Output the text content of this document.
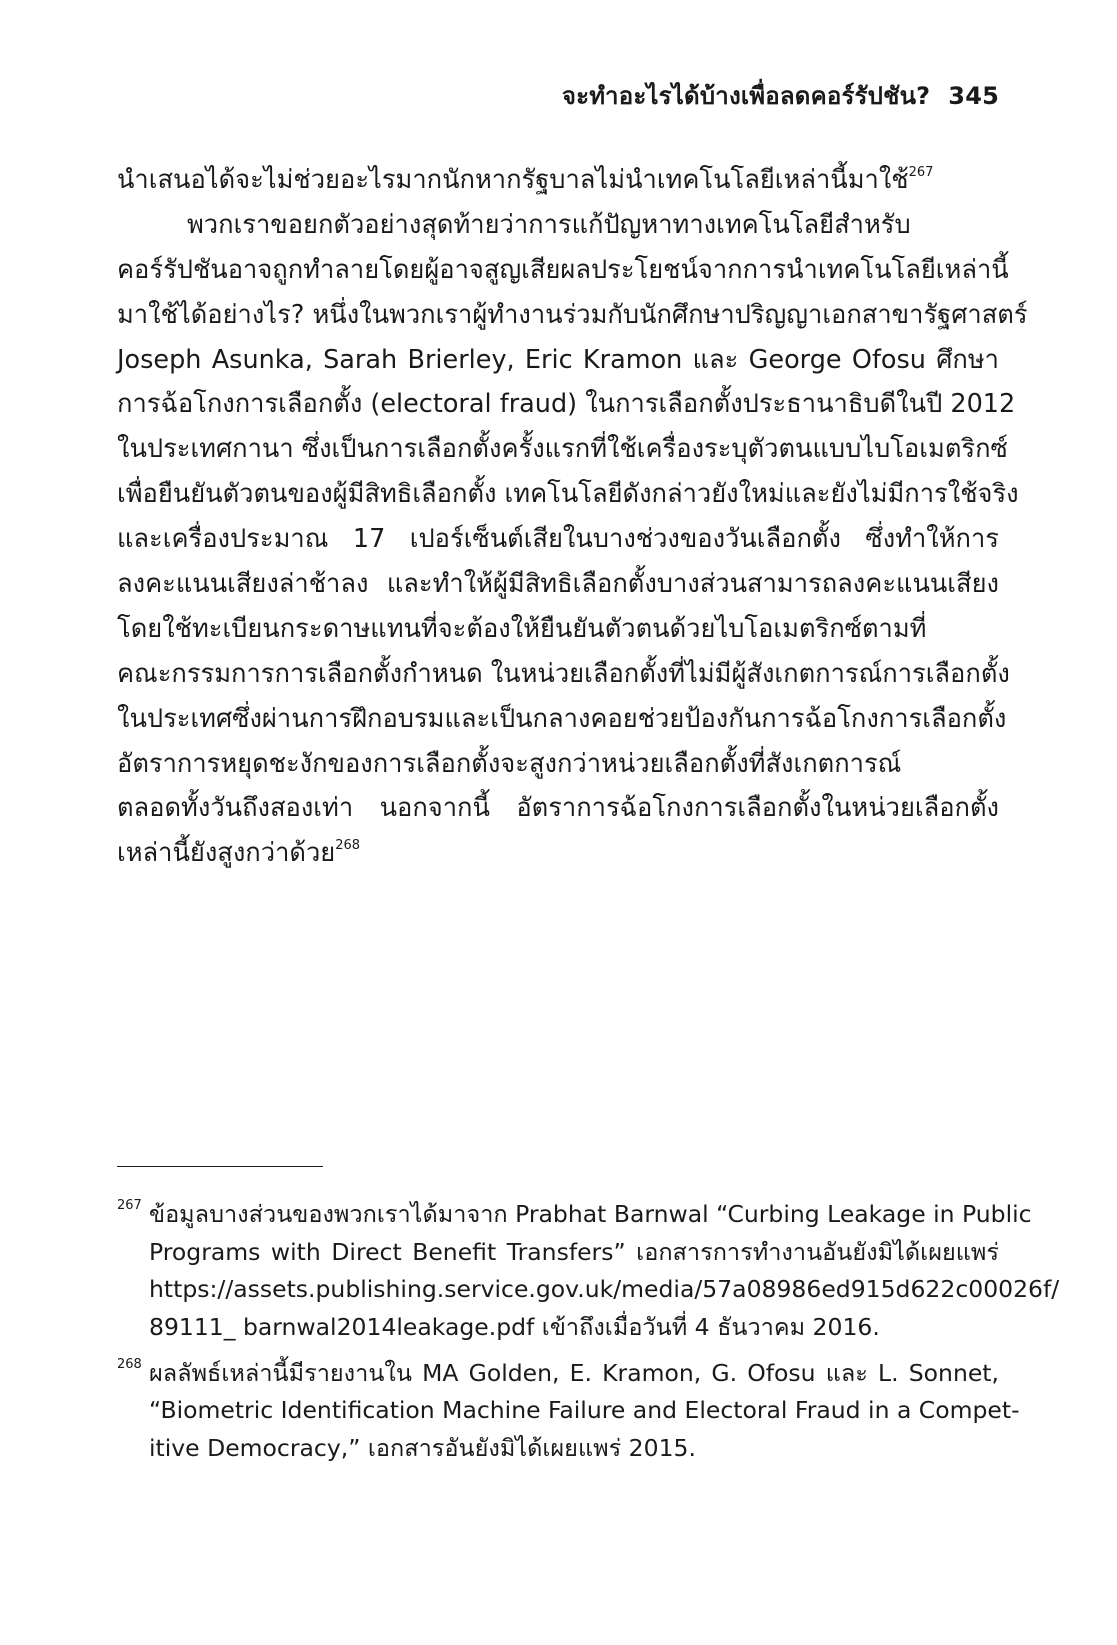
จะทำอะไรได้บ้างเพื่อลดคอร์รัปชัน? 345
นำเสนอได้จะไม่ช่วยอะไรมากนักหากรัฐบาลไม่นำเทคโนโลยีเหล่านี้มาใช้$^{267}$
พวกเราขอยกตัวอย่างสุดท้ายว่าการแก้ปัญหาทางเทคโนโลยีสำหรับ
คอร์รัปชันอาจถูกทำลายโดยผู้อาจสูญเสียผลประโยชน์จากการนำเทคโนโลยีเหล่านี้
มาใช้ได้อย่างไร? หนึ่งในพวกเราผู้ทำงานร่วมกับนักศึกษาปริญญาเอกสาขารัฐศาสตร์
Joseph Asunka, Sarah Brierley, Eric Kramon และ George Ofosu ศึกษา
การฉ้อโกงการเลือกตั้ง (electoral fraud) ในการเลือกตั้งประธานาธิบดีในปี 2012
ในประเทศกานา ซึ่งเป็นการเลือกตั้งครั้งแรกที่ใช้เครื่องระบุตัวตนแบบไบโอเมตริกซ์
เพื่อยืนยันตัวตนของผู้มีสิทธิเลือกตั้ง เทคโนโลยีดังกล่าวยังใหม่และยังไม่มีการใช้จริง
และเครื่องประมาณ 17 เปอร์เซ็นต์เสียในบางช่วงของวันเลือกตั้ง ซึ่งทำให้การ
ลงคะแนนเสียงล่าช้าลง และทำให้ผู้มีสิทธิเลือกตั้งบางส่วนสามารถลงคะแนนเสียง
โดยใช้ทะเบียนกระดาษแทนที่จะต้องให้ยืนยันตัวตนด้วยไบโอเมตริกซ์ตามที่
คณะกรรมการการเลือกตั้งกำหนด ในหน่วยเลือกตั้งที่ไม่มีผู้สังเกตการณ์การเลือกตั้ง
ในประเทศซึ่งผ่านการฝึกอบรมและเป็นกลางคอยช่วยป้องกันการฉ้อโกงการเลือกตั้ง
อัตราการหยุดชะงักของการเลือกตั้งจะสูงกว่าหน่วยเลือกตั้งที่สังเกตการณ์
ตลอดทั้งวันถึงสองเท่า นอกจากนี้ อัตราการฉ้อโกงการเลือกตั้งในหน่วยเลือกตั้ง
เหล่านี้ยังสูงกว่าด้วย$^{268}$
267 ข้อมูลบางส่วนของพวกเราได้มาจาก Prabhat Barnwal “Curbing Leakage in Public
Programs with Direct Benefit Transfers” เอกสารการทำงานอันยังมิได้เผยแพร่
https://assets.publishing.service.gov.uk/media/57a08986ed915d622c00026f/
89111_ barnwal2014leakage.pdf เข้าถึงเมื่อวันที่ 4 ธันวาคม 2016.
268 ผลลัพธ์เหล่านี้มีรายงานใน MA Golden, E. Kramon, G. Ofosu และ L. Sonnet,
“Biometric Identification Machine Failure and Electoral Fraud in a Compet-
itive Democracy,” เอกสารอันยังมิได้เผยแพร่ 2015.
